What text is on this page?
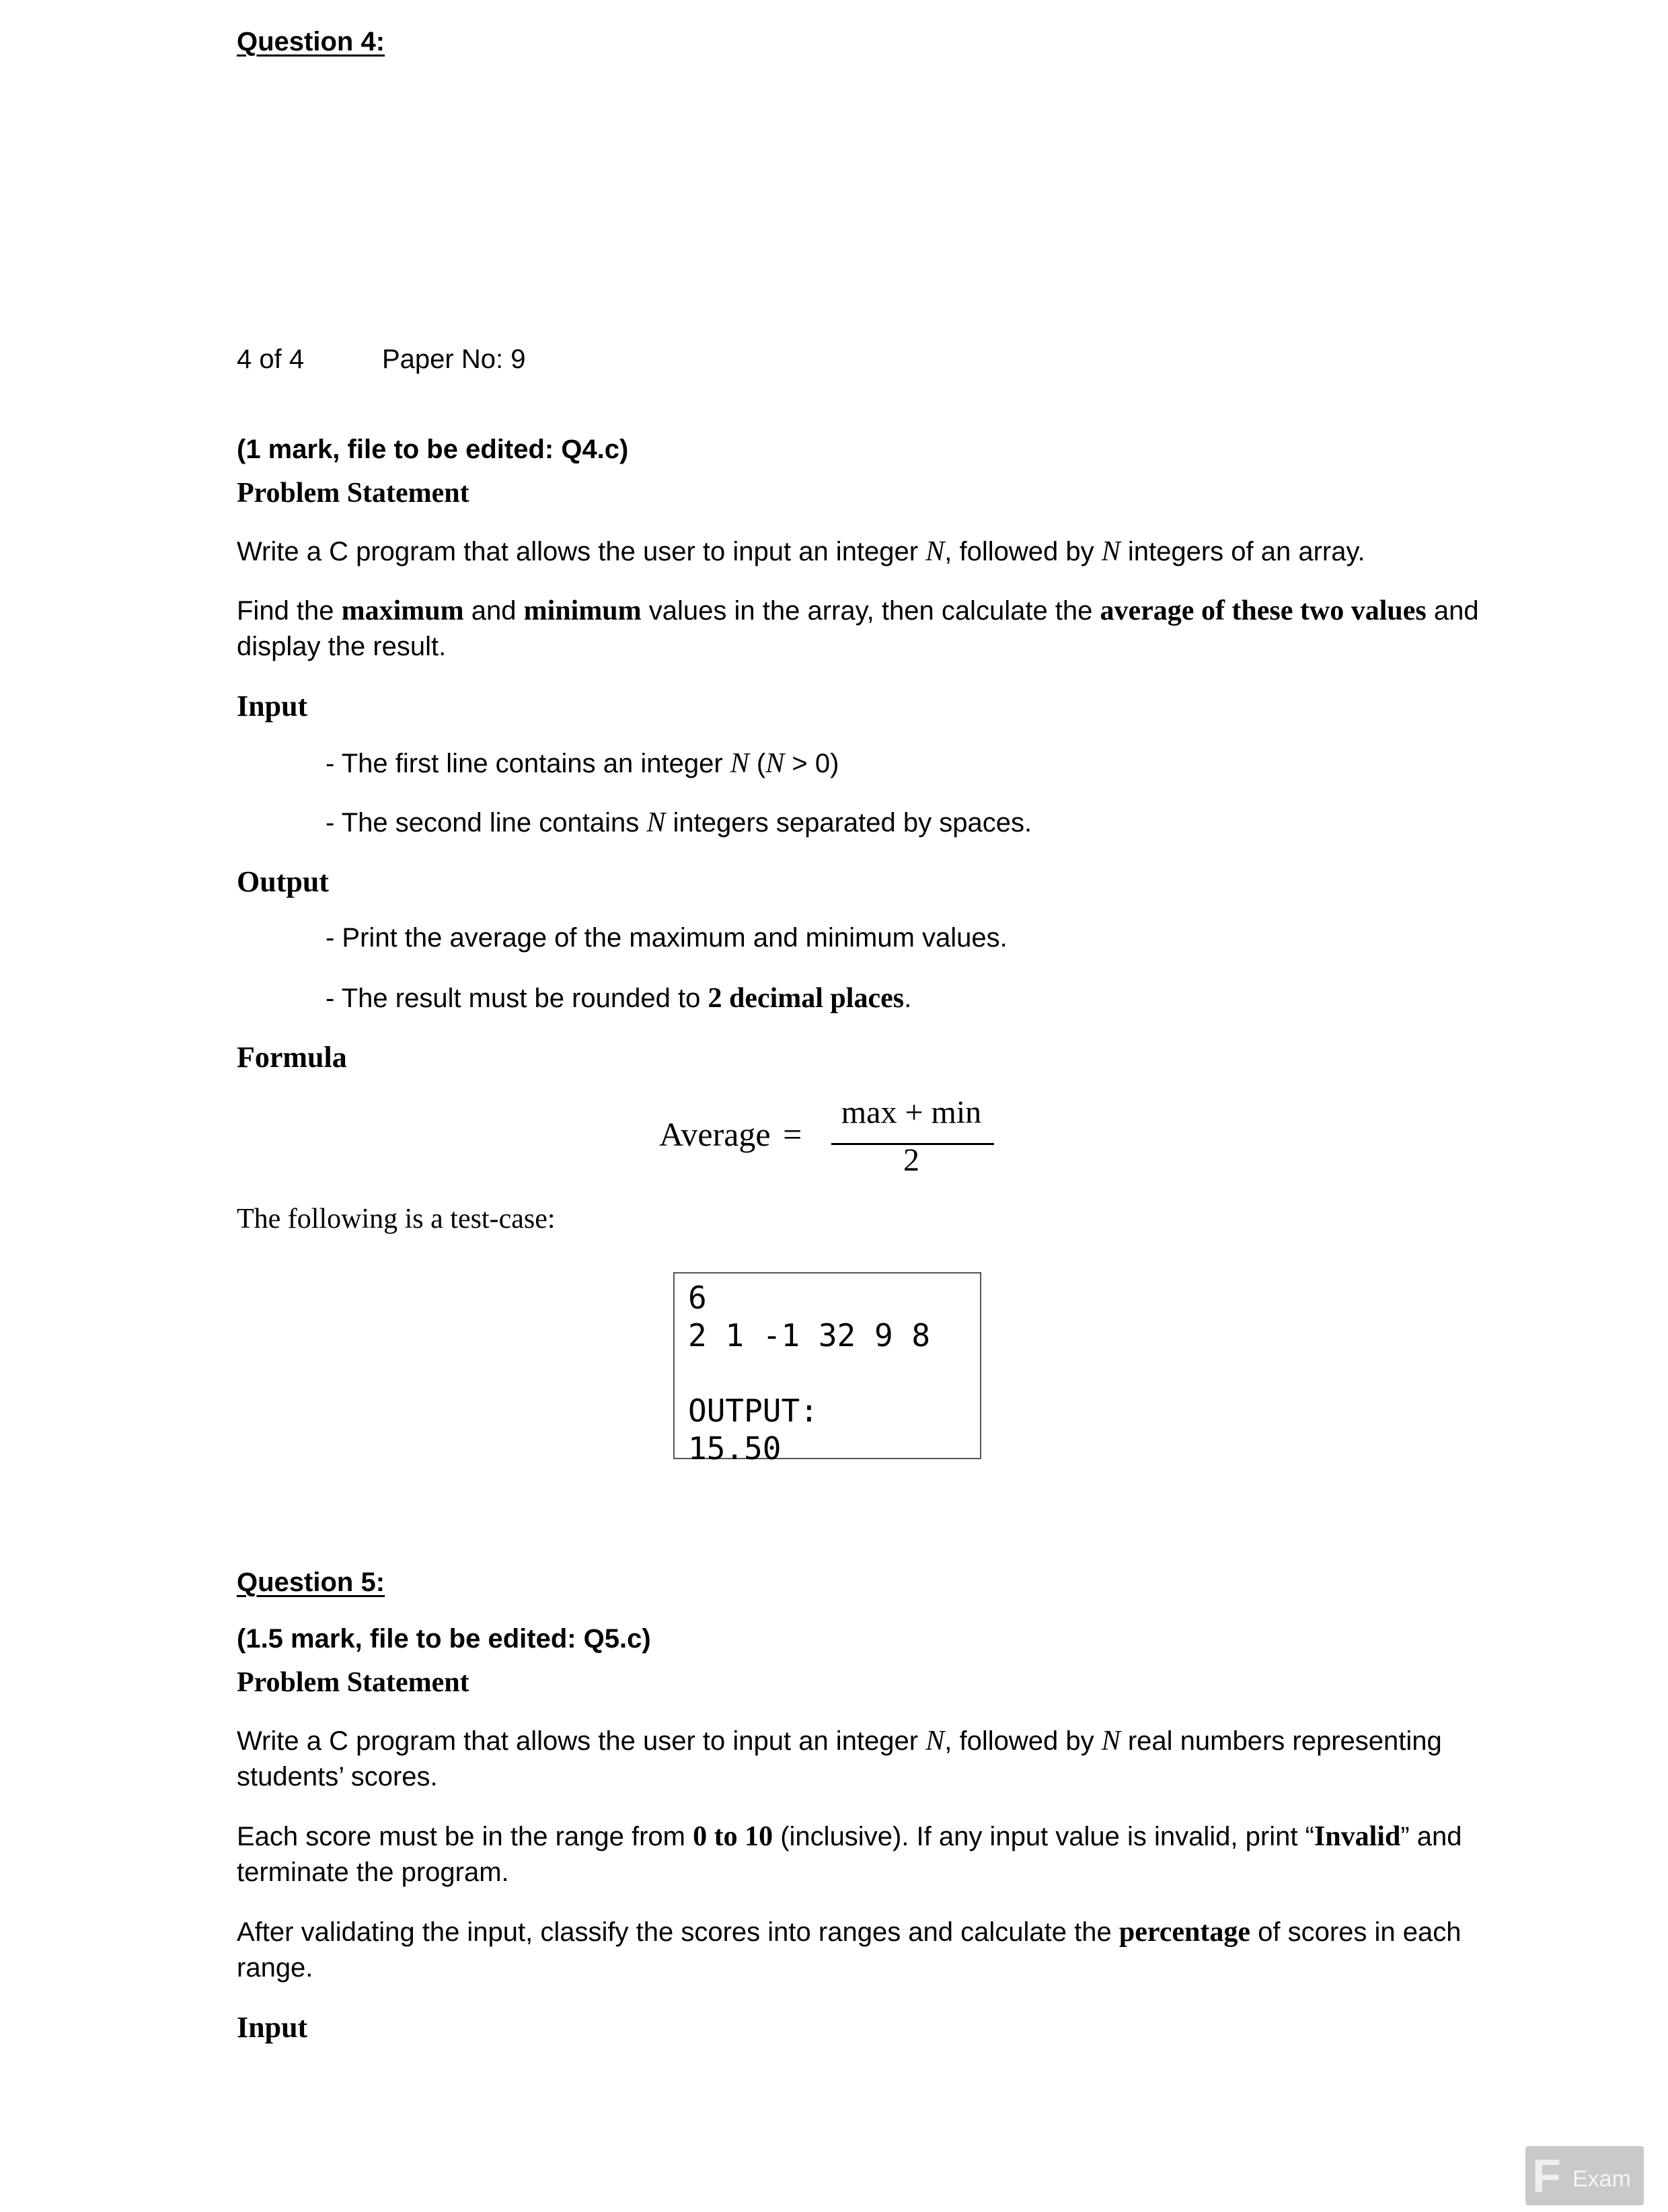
Question 4:
4 of 4	Paper No: 9
(1 mark, file to be edited: Q4.c)
Problem Statement
Write a C program that allows the user to input an integer N, followed by N integers of an array.
Find the maximum and minimum values in the array, then calculate the average of these two values and
display the result.
Input
- The first line contains an integer N (N > 0)
- The second line contains N integers separated by spaces.
Output
- Print the average of the maximum and minimum values.
- The result must be rounded to 2 decimal places.
Formula
Average =
max + min
2
The following is a test-case:
6
2 1 -1 32 9 8
OUTPUT:
15.50
Question 5:
(1.5 mark, file to be edited: Q5.c)
Problem Statement
Write a C program that allows the user to input an integer N, followed by N real numbers representing
students’ scores.
Each score must be in the range from 0 to 10 (inclusive). If any input value is invalid, print “Invalid” and
terminate the program.
After validating the input, classify the scores into ranges and calculate the percentage of scores in each
range.
Input
F Exam
